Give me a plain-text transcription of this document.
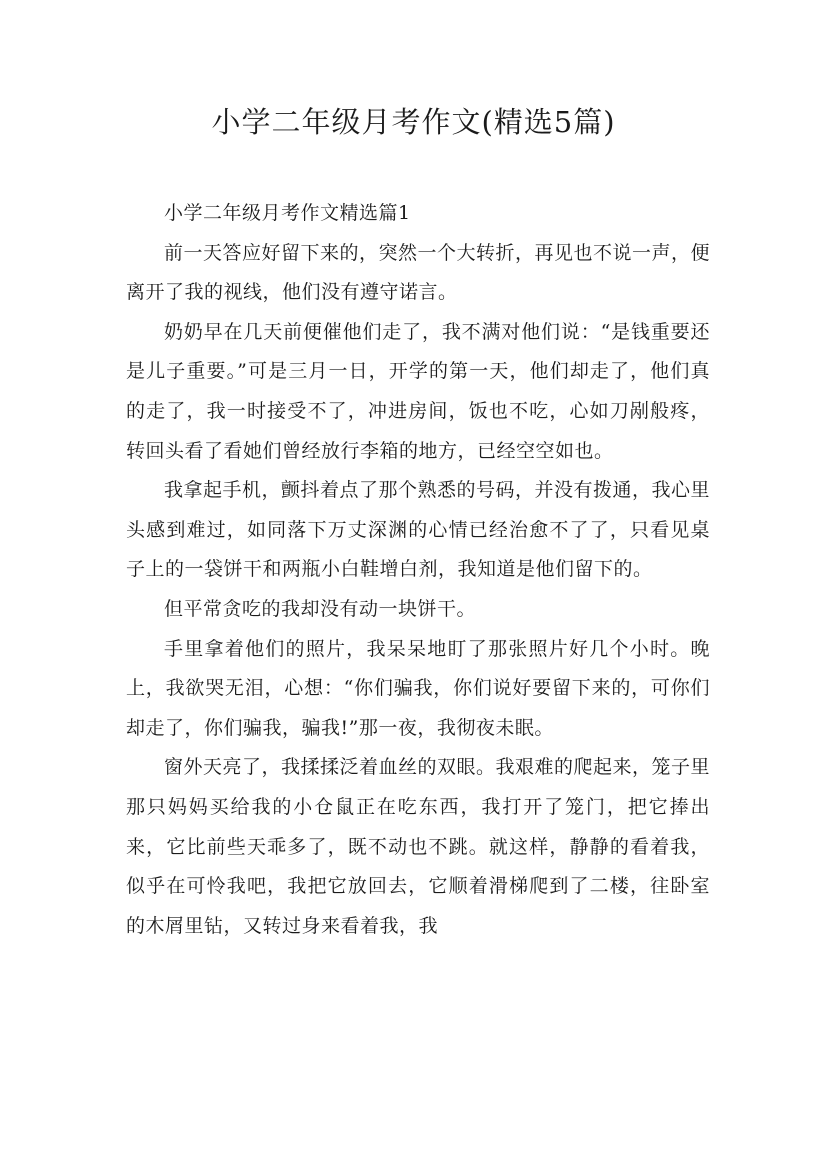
小学二年级月考作文(精选5篇)

小学二年级月考作文精选篇1

前一天答应好留下来的，突然一个大转折，再见也不说一声，便离开了我的视线，他们没有遵守诺言。

奶奶早在几天前便催他们走了，我不满对他们说：“是钱重要还是儿子重要。”可是三月一日，开学的第一天，他们却走了，他们真的走了，我一时接受不了，冲进房间，饭也不吃，心如刀剐般疼，转回头看了看她们曾经放行李箱的地方，已经空空如也。

我拿起手机，颤抖着点了那个熟悉的号码，并没有拨通，我心里头感到难过，如同落下万丈深渊的心情已经治愈不了了，只看见桌子上的一袋饼干和两瓶小白鞋增白剂，我知道是他们留下的。

但平常贪吃的我却没有动一块饼干。

手里拿着他们的照片，我呆呆地盯了那张照片好几个小时。晚上，我欲哭无泪，心想：“你们骗我，你们说好要留下来的，可你们却走了，你们骗我，骗我!”那一夜，我彻夜未眠。

窗外天亮了，我揉揉泛着血丝的双眼。我艰难的爬起来，笼子里那只妈妈买给我的小仓鼠正在吃东西，我打开了笼门，把它捧出来，它比前些天乖多了，既不动也不跳。就这样，静静的看着我，似乎在可怜我吧，我把它放回去，它顺着滑梯爬到了二楼，往卧室的木屑里钻，又转过身来看着我，我
